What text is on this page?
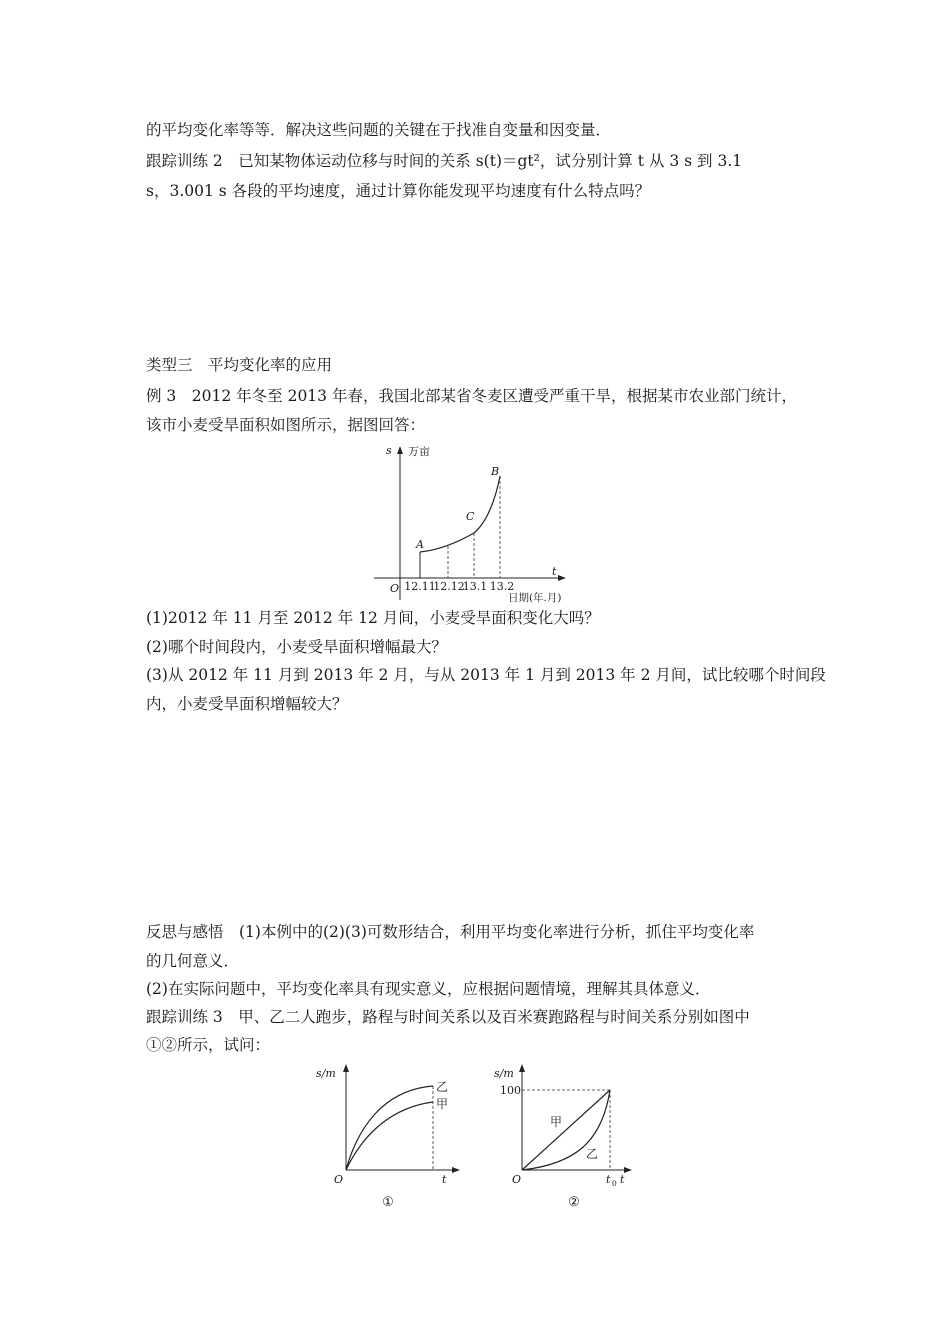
的平均变化率等等．解决这些问题的关键在于找准自变量和因变量．
跟踪训练 2　已知某物体运动位移与时间的关系 s(t)＝gt²，试分别计算 t 从 3 s 到 3.1
s，3.001 s 各段的平均速度，通过计算你能发现平均速度有什么特点吗？
类型三　平均变化率的应用
例 3　2012 年冬至 2013 年春，我国北部某省冬麦区遭受严重干旱，根据某市农业部门统计，
该市小麦受旱面积如图所示，据图回答：
s 万亩
t
O
A
C
B
12.11
12.12
13.1 13.2
日期(年.月)
(1)2012 年 11 月至 2012 年 12 月间，小麦受旱面积变化大吗？
(2)哪个时间段内，小麦受旱面积增幅最大？
(3)从 2012 年 11 月到 2013 年 2 月，与从 2013 年 1 月到 2013 年 2 月间，试比较哪个时间段
内，小麦受旱面积增幅较大？
反思与感悟　(1)本例中的(2)(3)可数形结合，利用平均变化率进行分析，抓住平均变化率
的几何意义．
(2)在实际问题中，平均变化率具有现实意义，应根据问题情境，理解其具体意义．
跟踪训练 3　甲、乙二人跑步，路程与时间关系以及百米赛跑路程与时间关系分别如图中
①②所示，试问：
s/m
t
O
乙
甲
①
s/m
t
O
100
甲
乙
t 0
②
